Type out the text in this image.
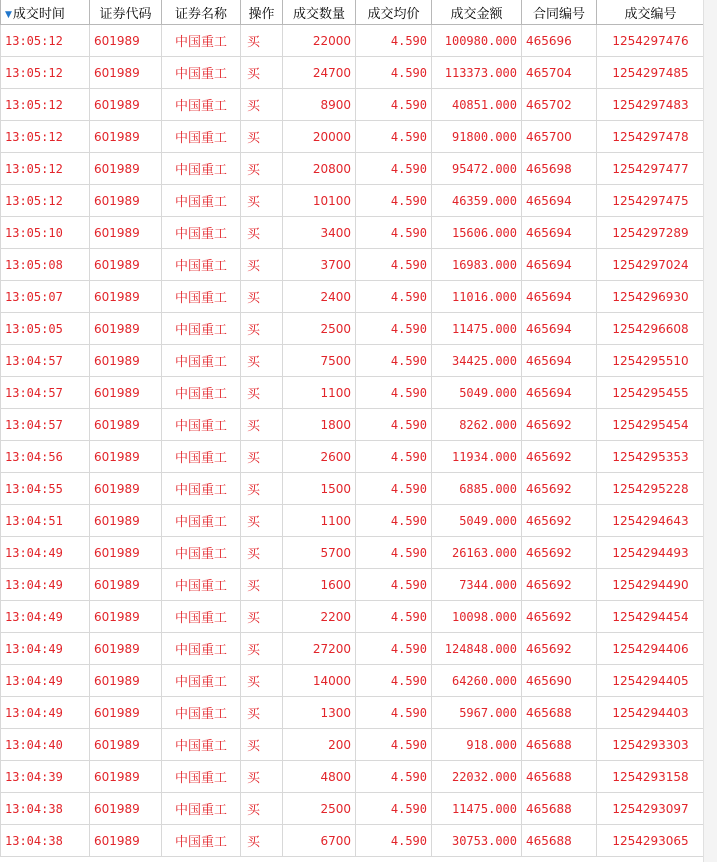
▼成交时间	证券代码	证券名称	操作	成交数量	成交均价	成交金额	合同编号	成交编号
13:05:12	601989	中国重工	买	22000	4.590	100980.000	465696	1254297476
13:05:12	601989	中国重工	买	24700	4.590	113373.000	465704	1254297485
13:05:12	601989	中国重工	买	8900	4.590	40851.000	465702	1254297483
13:05:12	601989	中国重工	买	20000	4.590	91800.000	465700	1254297478
13:05:12	601989	中国重工	买	20800	4.590	95472.000	465698	1254297477
13:05:12	601989	中国重工	买	10100	4.590	46359.000	465694	1254297475
13:05:10	601989	中国重工	买	3400	4.590	15606.000	465694	1254297289
13:05:08	601989	中国重工	买	3700	4.590	16983.000	465694	1254297024
13:05:07	601989	中国重工	买	2400	4.590	11016.000	465694	1254296930
13:05:05	601989	中国重工	买	2500	4.590	11475.000	465694	1254296608
13:04:57	601989	中国重工	买	7500	4.590	34425.000	465694	1254295510
13:04:57	601989	中国重工	买	1100	4.590	5049.000	465694	1254295455
13:04:57	601989	中国重工	买	1800	4.590	8262.000	465692	1254295454
13:04:56	601989	中国重工	买	2600	4.590	11934.000	465692	1254295353
13:04:55	601989	中国重工	买	1500	4.590	6885.000	465692	1254295228
13:04:51	601989	中国重工	买	1100	4.590	5049.000	465692	1254294643
13:04:49	601989	中国重工	买	5700	4.590	26163.000	465692	1254294493
13:04:49	601989	中国重工	买	1600	4.590	7344.000	465692	1254294490
13:04:49	601989	中国重工	买	2200	4.590	10098.000	465692	1254294454
13:04:49	601989	中国重工	买	27200	4.590	124848.000	465692	1254294406
13:04:49	601989	中国重工	买	14000	4.590	64260.000	465690	1254294405
13:04:49	601989	中国重工	买	1300	4.590	5967.000	465688	1254294403
13:04:40	601989	中国重工	买	200	4.590	918.000	465688	1254293303
13:04:39	601989	中国重工	买	4800	4.590	22032.000	465688	1254293158
13:04:38	601989	中国重工	买	2500	4.590	11475.000	465688	1254293097
13:04:38	601989	中国重工	买	6700	4.590	30753.000	465688	1254293065
